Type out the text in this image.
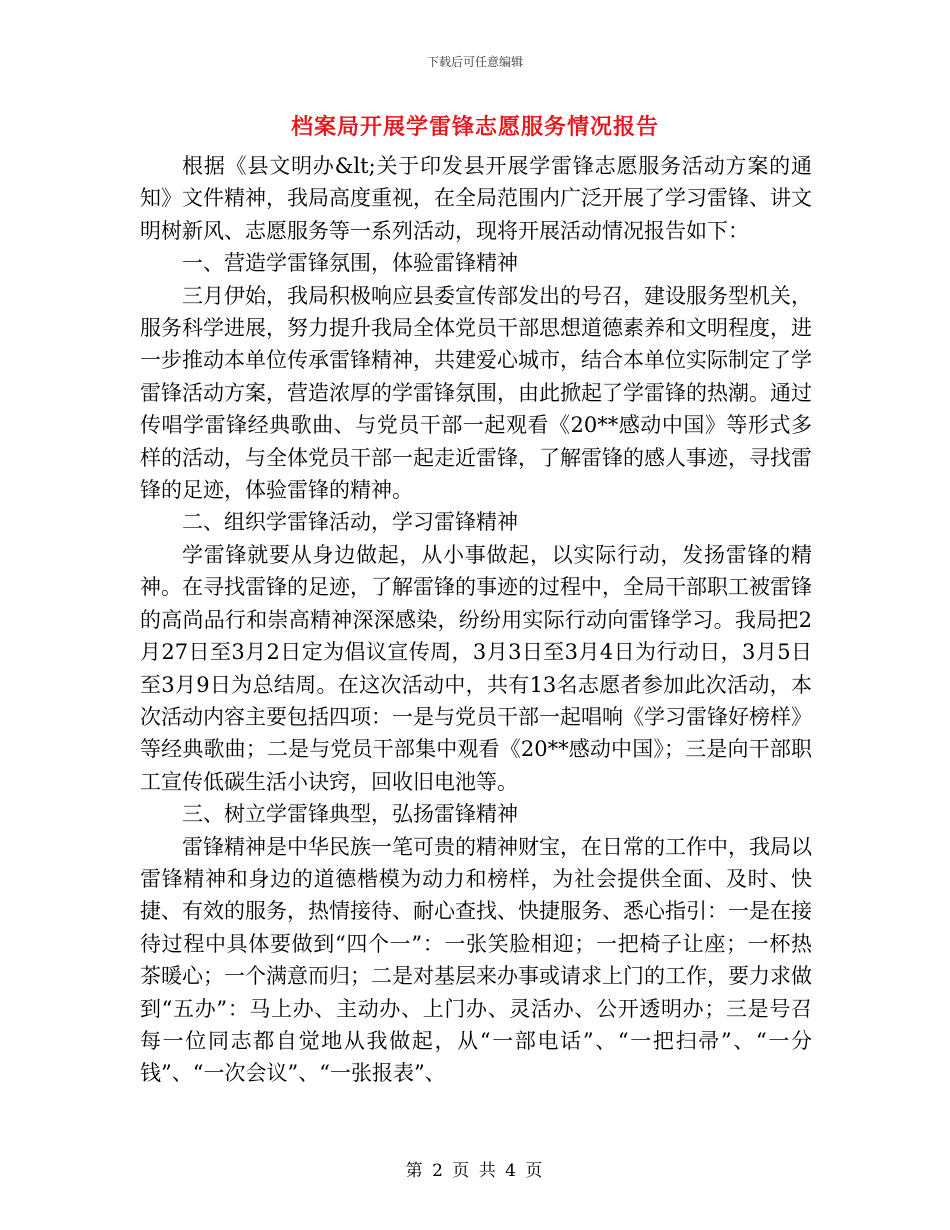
下载后可任意编辑
档案局开展学雷锋志愿服务情况报告

根据《县文明办&lt;关于印发县开展学雷锋志愿服务活动方案的通知》文件精神，我局高度重视，在全局范围内广泛开展了学习雷锋、讲文明树新风、志愿服务等一系列活动，现将开展活动情况报告如下：

一、营造学雷锋氛围，体验雷锋精神

三月伊始，我局积极响应县委宣传部发出的号召，建设服务型机关，服务科学进展，努力提升我局全体党员干部思想道德素养和文明程度，进一步推动本单位传承雷锋精神，共建爱心城市，结合本单位实际制定了学雷锋活动方案，营造浓厚的学雷锋氛围，由此掀起了学雷锋的热潮。通过传唱学雷锋经典歌曲、与党员干部一起观看《20**感动中国》等形式多样的活动，与全体党员干部一起走近雷锋，了解雷锋的感人事迹，寻找雷锋的足迹，体验雷锋的精神。

二、组织学雷锋活动，学习雷锋精神

学雷锋就要从身边做起，从小事做起，以实际行动，发扬雷锋的精神。在寻找雷锋的足迹，了解雷锋的事迹的过程中，全局干部职工被雷锋的高尚品行和崇高精神深深感染，纷纷用实际行动向雷锋学习。我局把2月27日至3月2日定为倡议宣传周，3月3日至3月4日为行动日，3月5日至3月9日为总结周。在这次活动中，共有13名志愿者参加此次活动，本次活动内容主要包括四项：一是与党员干部一起唱响《学习雷锋好榜样》等经典歌曲；二是与党员干部集中观看《20**感动中国》；三是向干部职工宣传低碳生活小诀窍，回收旧电池等。

三、树立学雷锋典型，弘扬雷锋精神

雷锋精神是中华民族一笔可贵的精神财宝，在日常的工作中，我局以雷锋精神和身边的道德楷模为动力和榜样，为社会提供全面、及时、快捷、有效的服务，热情接待、耐心查找、快捷服务、悉心指引：一是在接待过程中具体要做到“四个一”：一张笑脸相迎；一把椅子让座；一杯热茶暖心；一个满意而归；二是对基层来办事或请求上门的工作，要力求做到“五办”：马上办、主动办、上门办、灵活办、公开透明办；三是号召每一位同志都自觉地从我做起，从“一部电话”、“一把扫帚”、“一分钱”、“一次会议”、“一张报表”、

第 2 页 共 4 页
